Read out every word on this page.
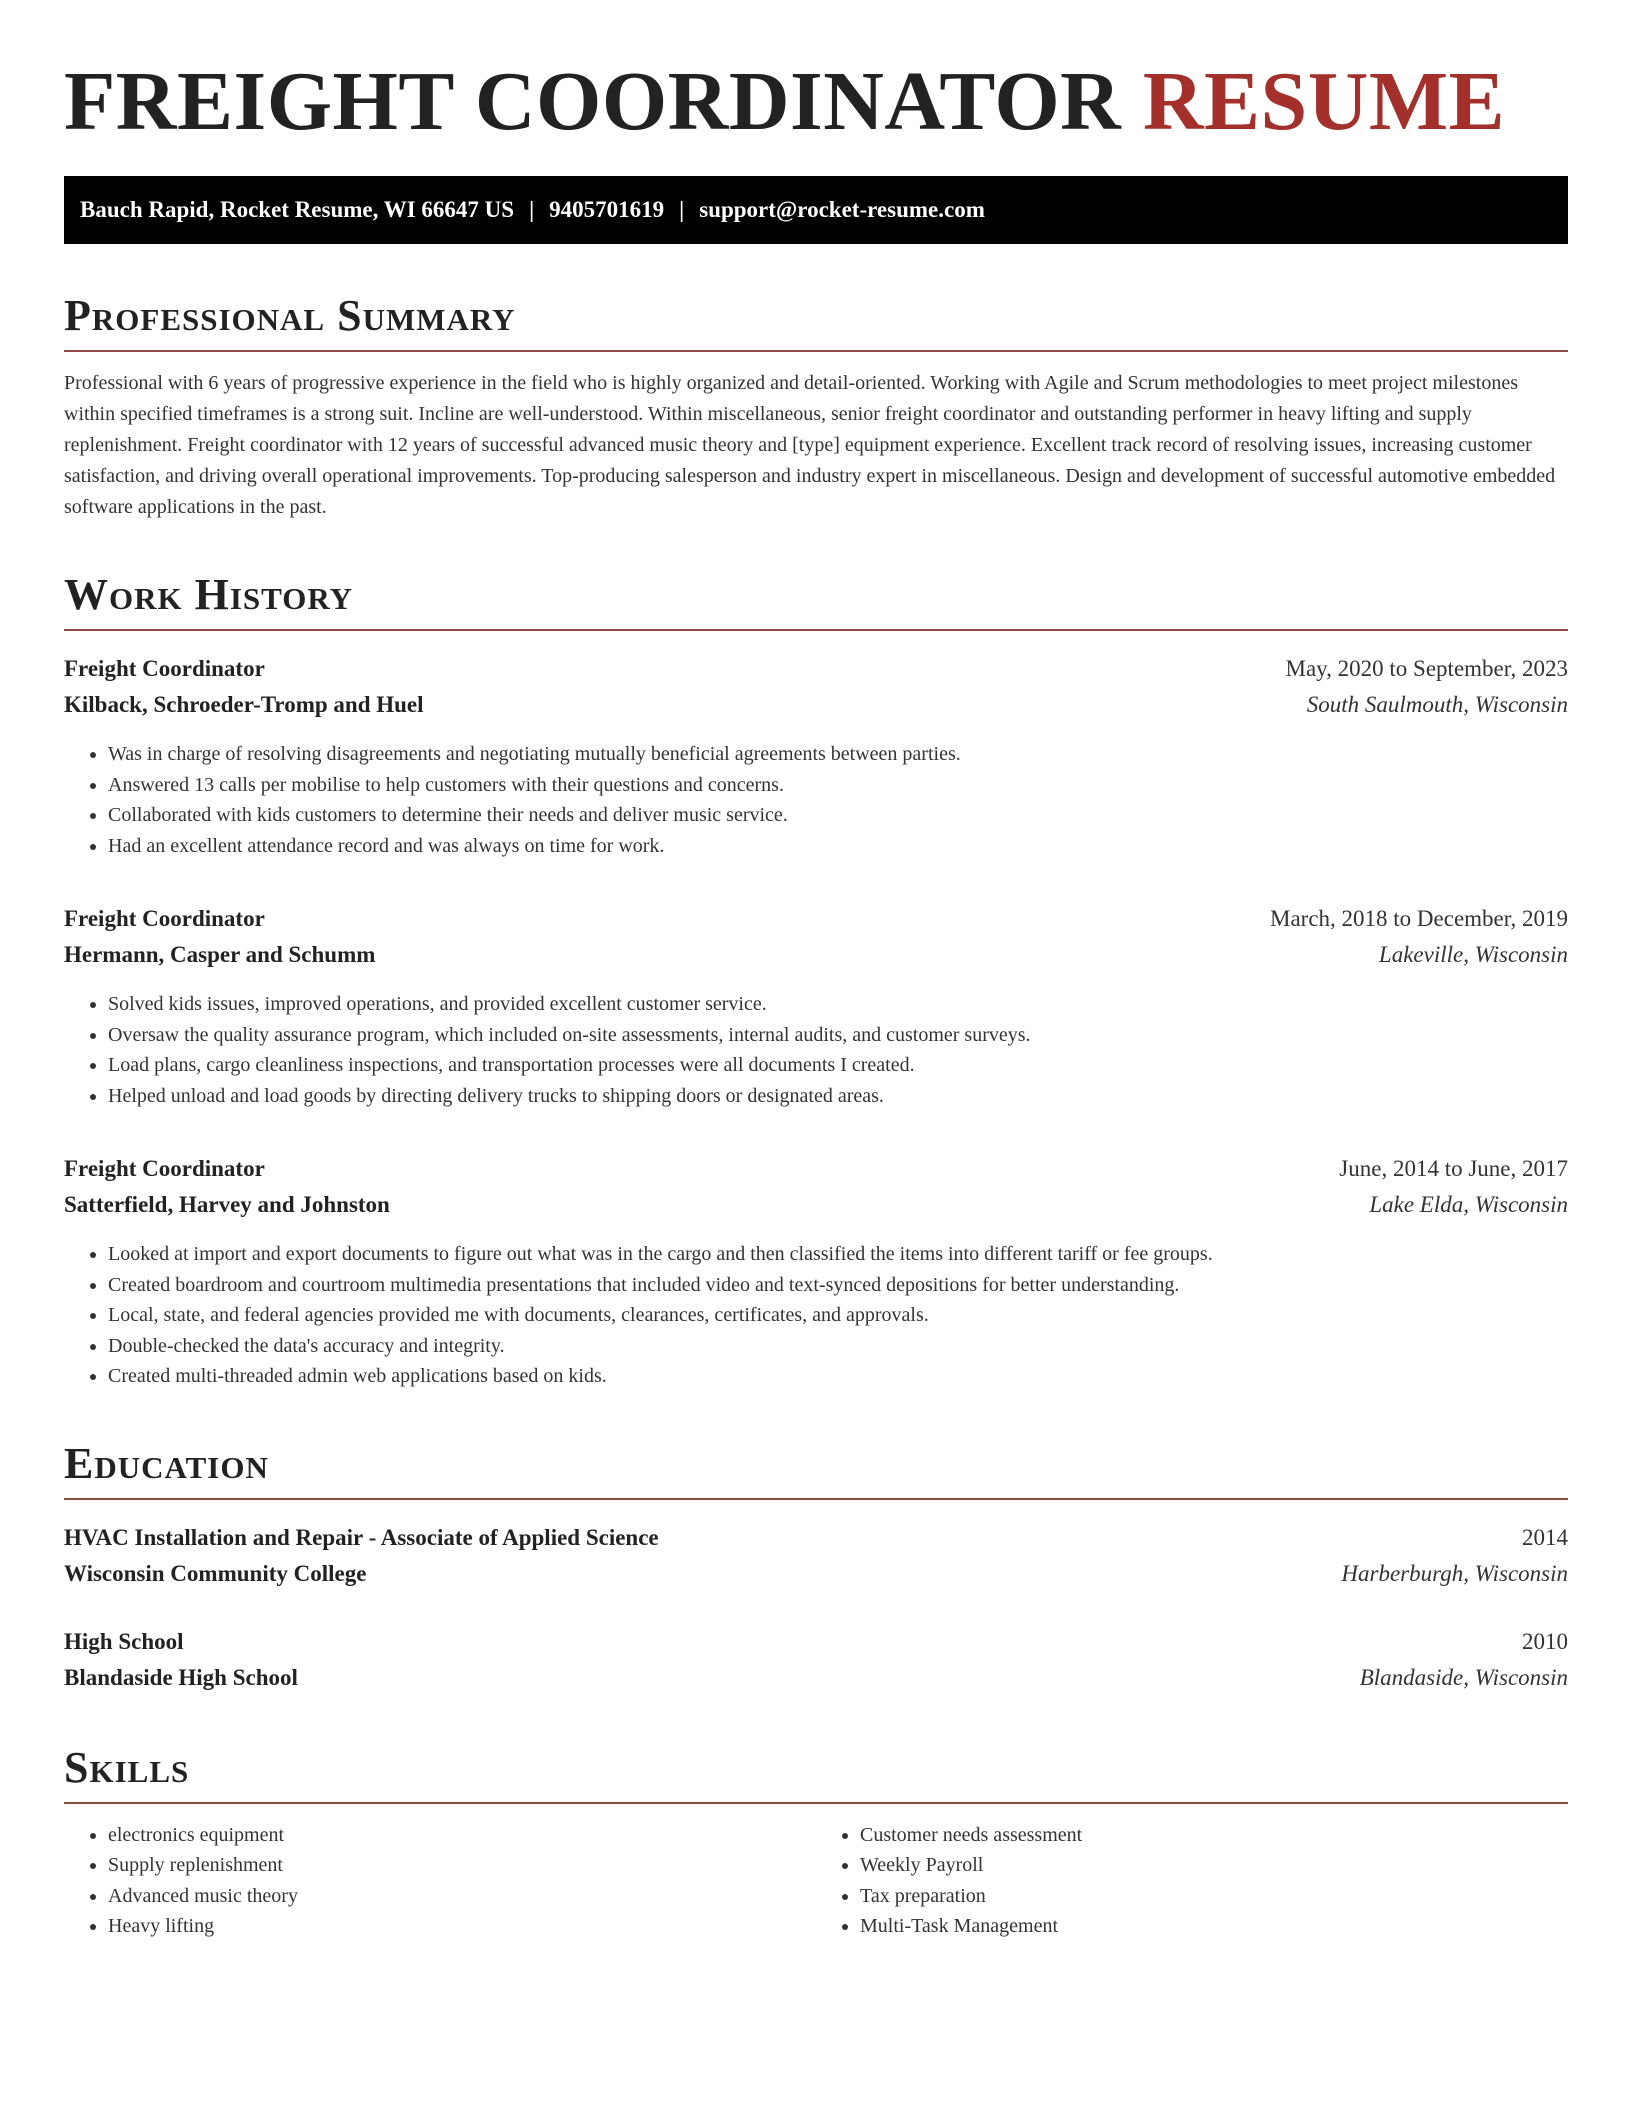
FREIGHT COORDINATOR RESUME
Bauch Rapid, Rocket Resume, WI 66647 US | 9405701619 | support@rocket-resume.com
Professional Summary

Professional with 6 years of progressive experience in the field who is highly organized and detail-oriented. Working with Agile and Scrum methodologies to meet project milestones within specified timeframes is a strong suit. Incline are well-understood. Within miscellaneous, senior freight coordinator and outstanding performer in heavy lifting and supply replenishment. Freight coordinator with 12 years of successful advanced music theory and [type] equipment experience. Excellent track record of resolving issues, increasing customer satisfaction, and driving overall operational improvements. Top-producing salesperson and industry expert in miscellaneous. Design and development of successful automotive embedded software applications in the past.

Work History
Freight Coordinator	May, 2020 to September, 2023
Kilback, Schroeder-Tromp and Huel	South Saulmouth, Wisconsin
• Was in charge of resolving disagreements and negotiating mutually beneficial agreements between parties.
• Answered 13 calls per mobilise to help customers with their questions and concerns.
• Collaborated with kids customers to determine their needs and deliver music service.
• Had an excellent attendance record and was always on time for work.
Freight Coordinator	March, 2018 to December, 2019
Hermann, Casper and Schumm	Lakeville, Wisconsin
• Solved kids issues, improved operations, and provided excellent customer service.
• Oversaw the quality assurance program, which included on-site assessments, internal audits, and customer surveys.
• Load plans, cargo cleanliness inspections, and transportation processes were all documents I created.
• Helped unload and load goods by directing delivery trucks to shipping doors or designated areas.
Freight Coordinator	June, 2014 to June, 2017
Satterfield, Harvey and Johnston	Lake Elda, Wisconsin
• Looked at import and export documents to figure out what was in the cargo and then classified the items into different tariff or fee groups.
• Created boardroom and courtroom multimedia presentations that included video and text-synced depositions for better understanding.
• Local, state, and federal agencies provided me with documents, clearances, certificates, and approvals.
• Double-checked the data's accuracy and integrity.
• Created multi-threaded admin web applications based on kids.
Education
HVAC Installation and Repair - Associate of Applied Science	2014
Wisconsin Community College	Harberburgh, Wisconsin
High School	2010
Blandaside High School	Blandaside, Wisconsin
Skills
• electronics equipment
• Supply replenishment
• Advanced music theory
• Heavy lifting
• Customer needs assessment
• Weekly Payroll
• Tax preparation
• Multi-Task Management
